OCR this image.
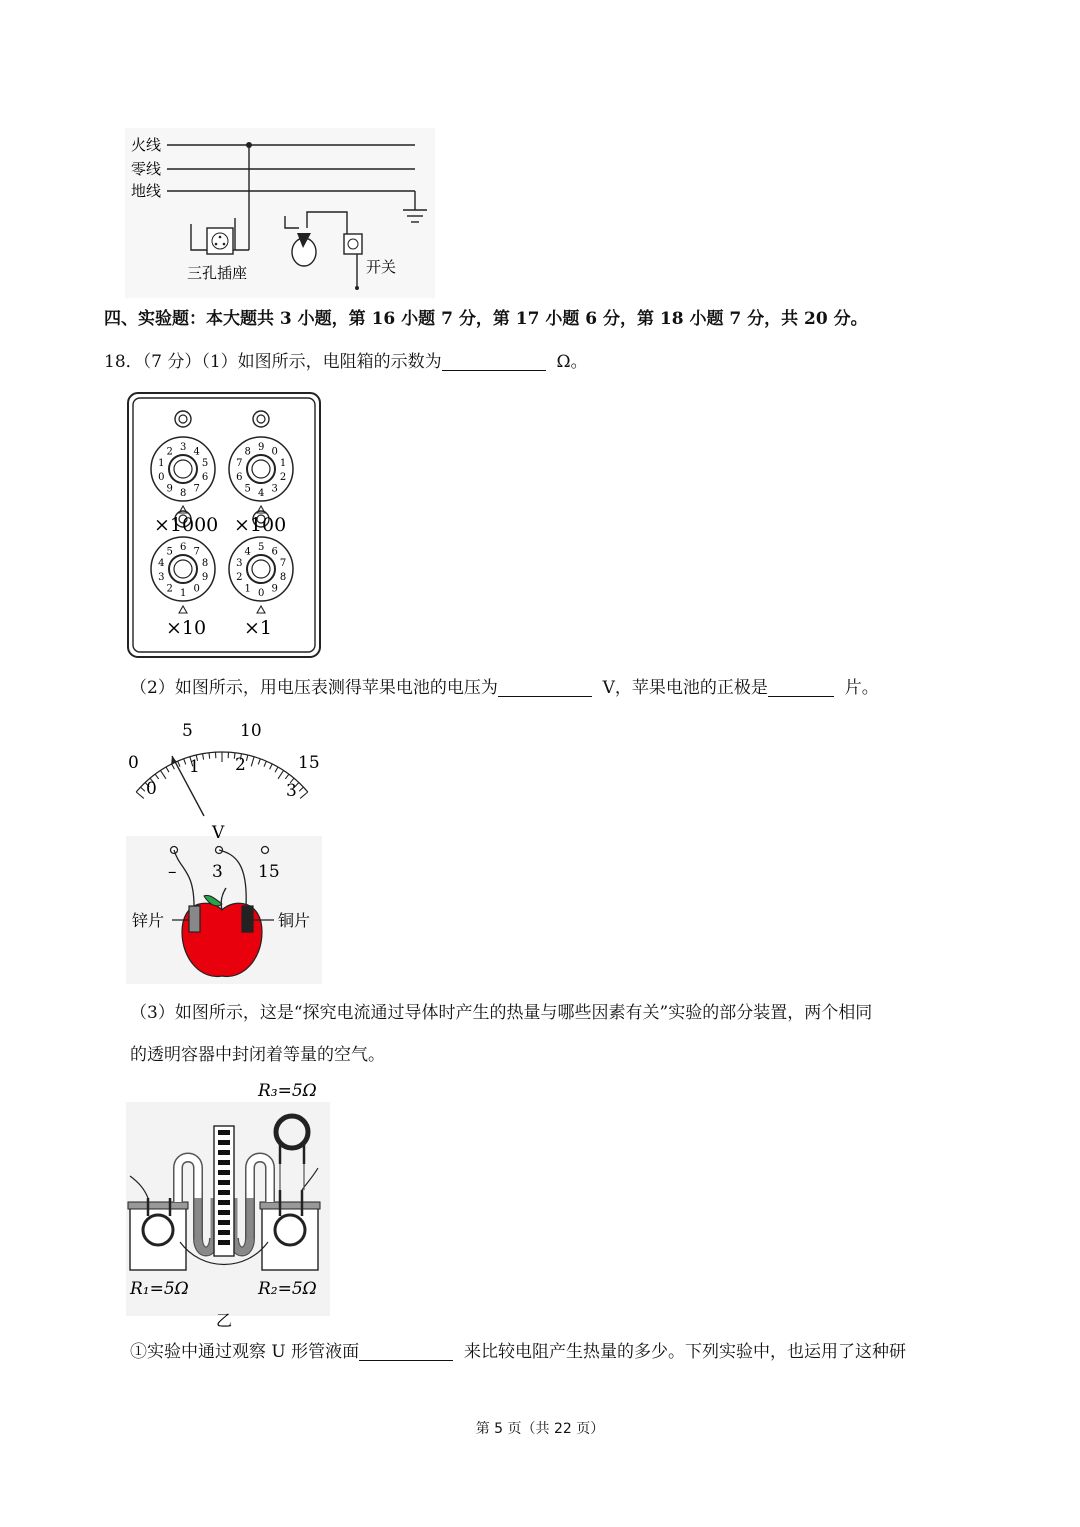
火线
零线
地线
三孔插座	开关
四、实验题：本大题共 3 小题，第 16 小题 7 分，第 17 小题 6 分，第 18 小题 7 分，共 20 分。
18．（7 分）（1）如图所示，电阻箱的示数为	Ω。
8
9
0
1
2 3 4
5
6
7	4
5
6
7
8 9 0
1
2
3
1
2
3
4
5 6 7
8
9
0	0
1
2
3
4 5 6
7
8
9
×1000 ×100
×10 ×1
（2）如图所示，用电压表测得苹果电池的电压为	V，苹果电池的正极是	片。
0
5	10
15
0
1 2
3
V
– 3 15
锌片	铜片
（3）如图所示，这是“探究电流通过导体时产生的热量与哪些因素有关”实验的部分装置，两个相同
的透明容器中封闭着等量的空气。
R₃=5Ω
R₁=5Ω	R₂=5Ω
乙
①实验中通过观察 U 形管液面	来比较电阻产生热量的多少。下列实验中，也运用了这种研
第 5 页（共 22 页）
